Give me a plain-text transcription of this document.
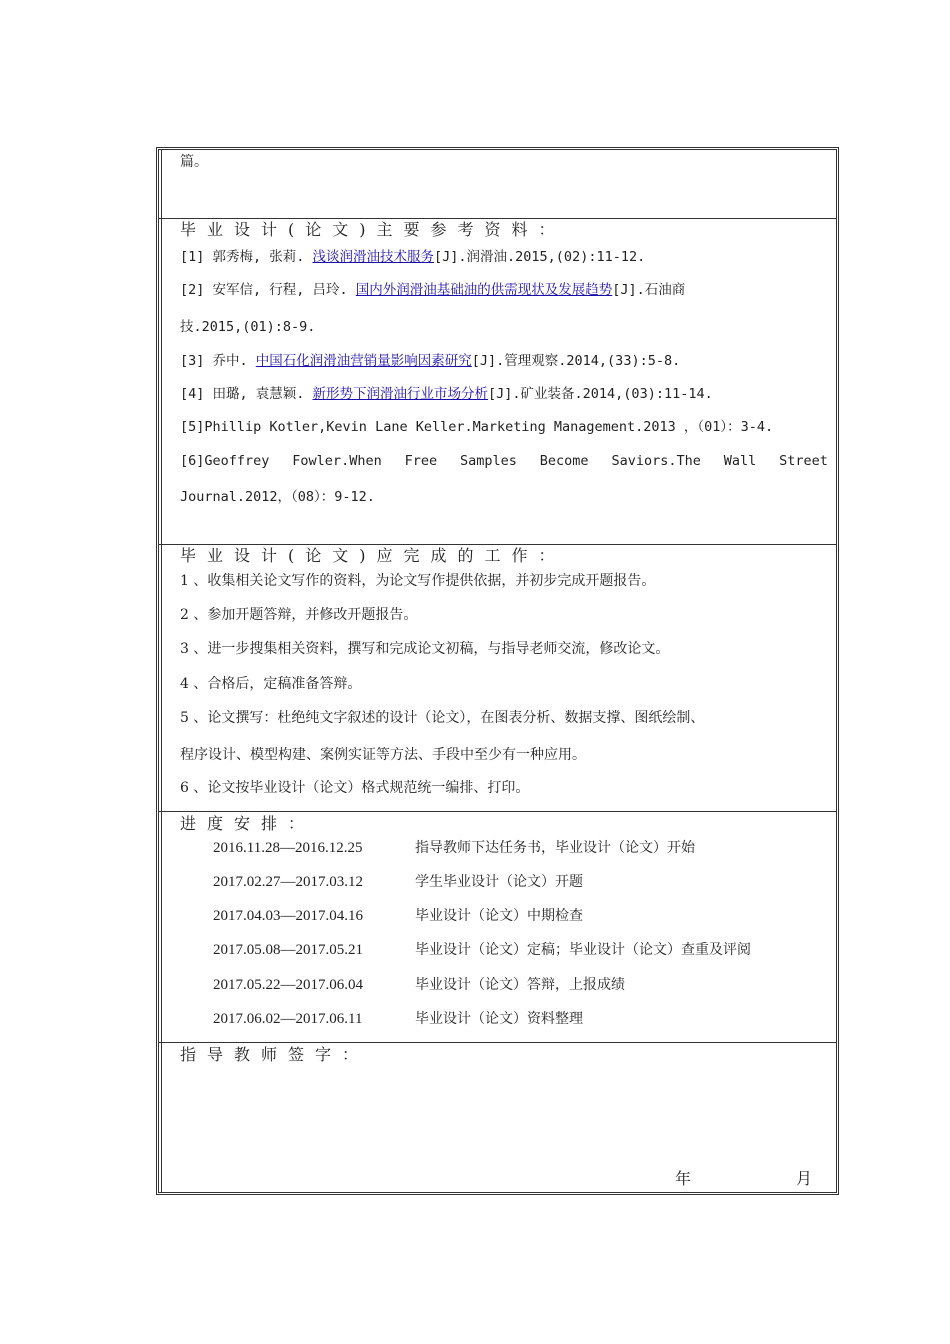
篇。
毕业设计(论文)主要参考资料：
[1] 郭秀梅, 张莉. 浅谈润滑油技术服务[J].润滑油.2015,(02):11-12.
[2] 安军信, 行程, 吕玲. 国内外润滑油基础油的供需现状及发展趋势[J].石油商
技.2015,(01):8-9.
[3] 乔中. 中国石化润滑油营销量影响因素研究[J].管理观察.2014,(33):5-8.
[4] 田璐, 袁慧颖. 新形势下润滑油行业市场分析[J].矿业装备.2014,(03):11-14.
[5]Phillip Kotler,Kevin Lane Keller.Marketing Management.2013 ，（01）：3-4.
[6]Geoffrey Fowler.When Free Samples Become Saviors.The Wall Street
Journal.2012，（08）：9-12.
毕业设计(论文)应完成的工作：
1 、收集相关论文写作的资料，为论文写作提供依据，并初步完成开题报告。
2 、参加开题答辩，并修改开题报告。
3 、进一步搜集相关资料，撰写和完成论文初稿，与指导老师交流，修改论文。
4 、合格后，定稿准备答辩。
5 、论文撰写：杜绝纯文字叙述的设计（论文），在图表分析、数据支撑、图纸绘制、
程序设计、模型构建、案例实证等方法、手段中至少有一种应用。
6 、论文按毕业设计（论文）格式规范统一编排、打印。
进度安排：
2016.11.28—2016.12.25	指导教师下达任务书，毕业设计（论文）开始
2017.02.27—2017.03.12	学生毕业设计（论文）开题
2017.04.03—2017.04.16	毕业设计（论文）中期检查
2017.05.08—2017.05.21	毕业设计（论文）定稿；毕业设计（论文）查重及评阅
2017.05.22—2017.06.04	毕业设计（论文）答辩，上报成绩
2017.06.02—2017.06.11	毕业设计（论文）资料整理
指导教师签字：
年	月
